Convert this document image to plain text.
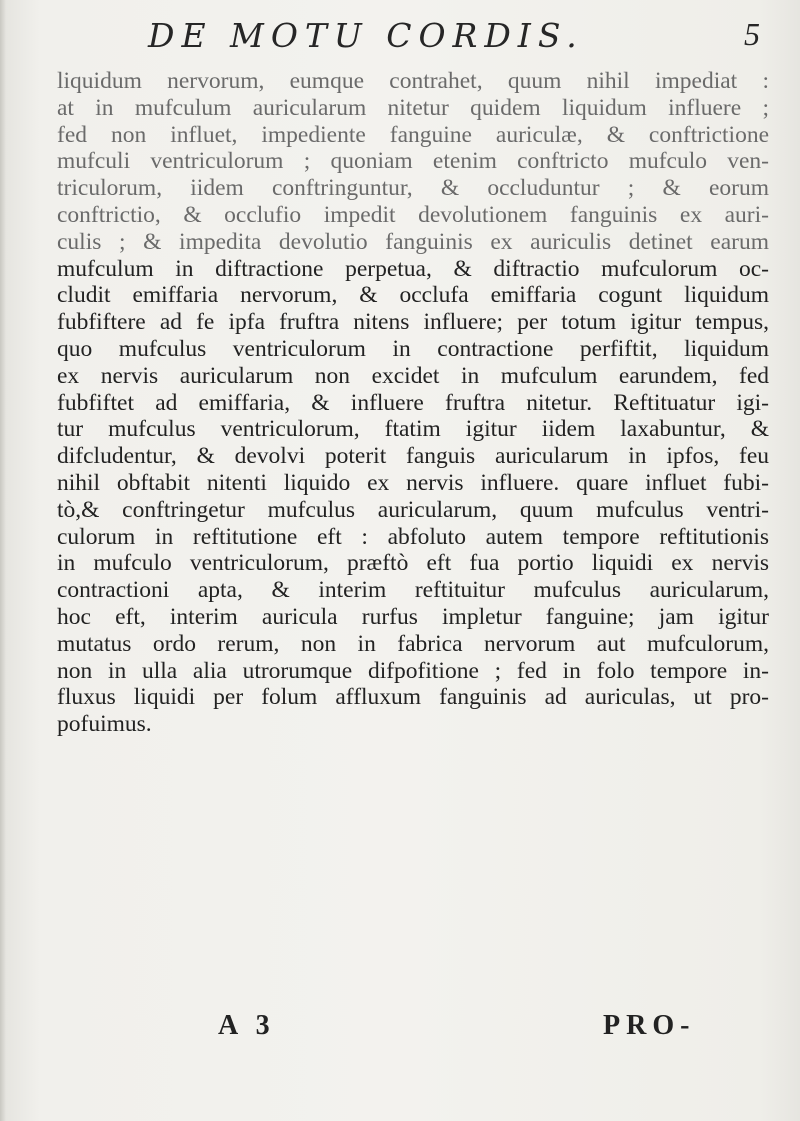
DE MOTU CORDIS.	5
liquidum nervorum, eumque contrahet, quum nihil impediat :
at in mufculum auricularum nitetur quidem liquidum influere ;
fed non influet, impediente fanguine auriculæ, & conftrictione
mufculi ventriculorum ; quoniam etenim conftricto mufculo ven-
triculorum, iidem conftringuntur, & occluduntur ; & eorum
conftrictio, & occlufio impedit devolutionem fanguinis ex auri-
culis ; & impedita devolutio fanguinis ex auriculis detinet earum
mufculum in diftractione perpetua, & diftractio mufculorum oc-
cludit emiffaria nervorum, & occlufa emiffaria cogunt liquidum
fubfiftere ad fe ipfa fruftra nitens influere; per totum igitur tempus,
quo mufculus ventriculorum in contractione perfiftit, liquidum
ex nervis auricularum non excidet in mufculum earundem, fed
fubfiftet ad emiffaria, & influere fruftra nitetur. Reftituatur igi-
tur mufculus ventriculorum, ftatim igitur iidem laxabuntur, &
difcludentur, & devolvi poterit fanguis auricularum in ipfos, feu
nihil obftabit nitenti liquido ex nervis influere. quare influet fubi-
tò,& conftringetur mufculus auricularum, quum mufculus ventri-
culorum in reftitutione eft : abfoluto autem tempore reftitutionis
in mufculo ventriculorum, præftò eft fua portio liquidi ex nervis
contractioni apta, & interim reftituitur mufculus auricularum,
hoc eft, interim auricula rurfus impletur fanguine; jam igitur
mutatus ordo rerum, non in fabrica nervorum aut mufculorum,
non in ulla alia utrorumque difpofitione ; fed in folo tempore in-
fluxus liquidi per folum affluxum fanguinis ad auriculas, ut pro-
pofuimus.
A 3	PRO-
